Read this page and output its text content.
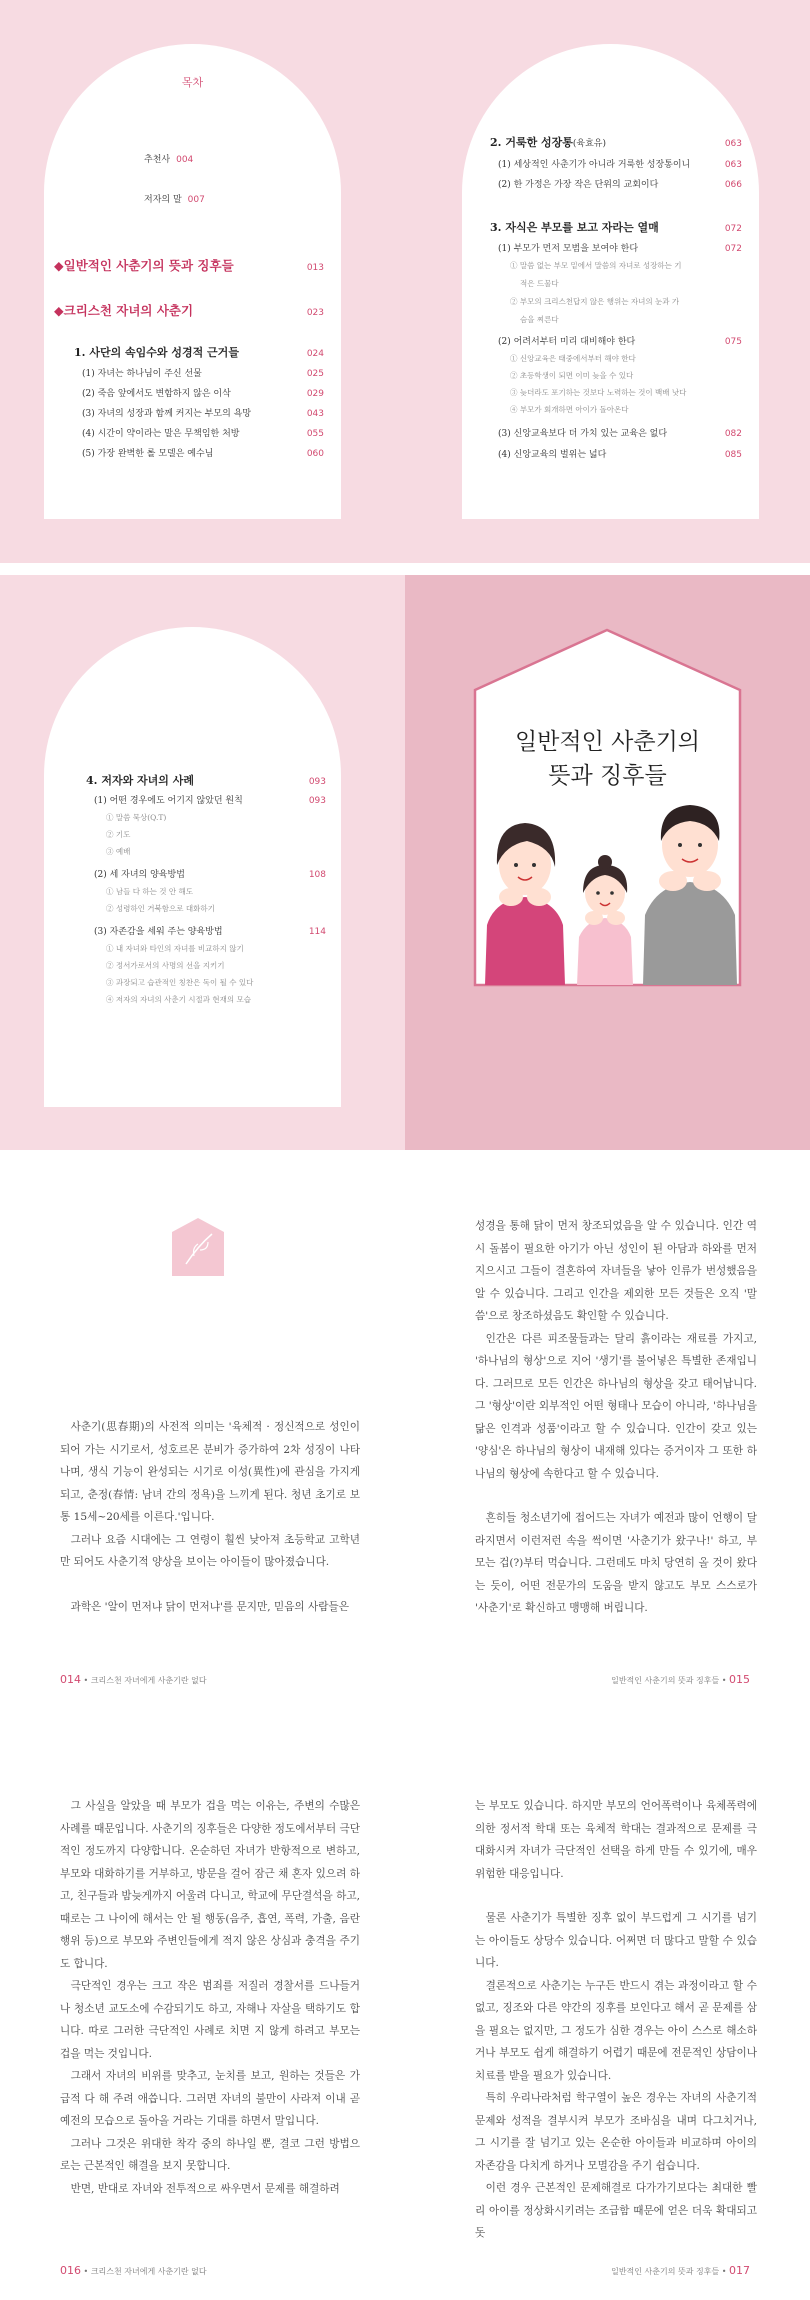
목차
추천사 004
저자의 말 007
◆ 일반적인 사춘기의 뜻과 징후들	013
◆ 크리스천 자녀의 사춘기	023
1. 사단의 속임수와 성경적 근거들	024
(1) 자녀는 하나님이 주신 선물	025
(2) 죽음 앞에서도 변함하지 않은 이삭	029
(3) 자녀의 성장과 함께 커지는 부모의 욕망	043
(4) 시간이 약이라는 말은 무책임한 처방	055
(5) 가장 완벽한 롤 모델은 예수님	060
2. 거룩한 성장통 (육효유)	063
(1) 세상적인 사춘기가 아니라 거룩한 성장통이니	063
(2) 한 가정은 가장 작은 단위의 교회이다	066
3. 자식은 부모를 보고 자라는 열매	072
(1) 부모가 먼저 모범을 보여야 한다	072
① 말씀 없는 부모 밑에서 말씀의 자녀로 성장하는 기
적은 드물다
② 부모의 크리스천답지 않은 행위는 자녀의 눈과 가
슴을 찌른다
(2) 어려서부터 미리 대비해야 한다	075
① 신앙교육은 태중에서부터 해야 한다
② 초등학생이 되면 이미 늦을 수 있다
③ 늦더라도 포기하는 것보다 노력하는 것이 백배 낫다
④ 부모가 회개하면 아이가 돌아온다
(3) 신앙교육보다 더 가치 있는 교육은 없다	082
(4) 신앙교육의 벌위는 넓다	085
4. 저자와 자녀의 사례	093
(1) 어떤 경우에도 어기지 않았던 원칙	093
① 말씀 묵상(Q.T)
② 기도
③ 예배
(2) 세 자녀의 양육방법	108
① 남들 다 하는 것 안 해도
② 성령하인 거북함으로 대화하기
(3) 자존감을 세워 주는 양육방법	114
① 내 자녀와 타인의 자녀를 비교하지 않기
② 정서가로서의 사명의 선을 지키기
③ 과장되고 습관적인 칭찬은 독이 될 수 있다
④ 저자의 자녀의 사춘기 시절과 현재의 모습
일반적인 사춘기의
뜻과 징후들

사춘기(思春期)의 사전적 의미는 '육체적 · 정신적으로 성인이 되어 가는 시기로서, 성호르몬 분비가 증가하여 2차 성징이 나타나며, 생식 기능이 완성되는 시기로 이성(異性)에 관심을 가지게 되고, 춘정(春情: 남녀 간의 정욕)을 느끼게 된다. 청년 초기로 보통 15세~20세를 이른다.'입니다.

그러나 요즘 시대에는 그 연령이 훨씬 낮아져 초등학교 고학년만 되어도 사춘기적 양상을 보이는 아이들이 많아졌습니다.

과학은 '알이 먼저냐 닭이 먼저냐'를 문지만, 믿음의 사람들은

014 • 크리스천 자녀에게 사춘기란 없다

성경을 통해 닭이 먼저 창조되었음을 알 수 있습니다. 인간 역시 돌봄이 필요한 아기가 아닌 성인이 된 아담과 하와를 먼저 지으시고 그들이 결혼하여 자녀들을 낳아 인류가 번성했음을 알 수 있습니다. 그리고 인간을 제외한 모든 것들은 오직 '말씀'으로 창조하셨음도 확인할 수 있습니다.

인간은 다른 피조물들과는 달리 흙이라는 재료를 가지고, '하나님의 형상'으로 지어 '생기'를 불어넣은 특별한 존재입니다. 그러므로 모든 인간은 하나님의 형상을 갖고 태어납니다. 그 '형상'이란 외부적인 어떤 형태나 모습이 아니라, '하나님을 닮은 인격과 성품'이라고 할 수 있습니다. 인간이 갖고 있는 '양심'은 하나님의 형상이 내재해 있다는 증거이자 그 또한 하나님의 형상에 속한다고 할 수 있습니다.

흔히들 청소년기에 접어드는 자녀가 예전과 많이 언행이 달라지면서 이런저런 속을 썩이면 '사춘기가 왔구나!' 하고, 부모는 겁(?)부터 먹습니다. 그런데도 마치 당연히 올 것이 왔다는 듯이, 어떤 전문가의 도움을 받지 않고도 부모 스스로가 '사춘기'로 확신하고 맹맹해 버립니다.

일반적인 사춘기의 뜻과 징후들 • 015

그 사실을 알았을 때 부모가 겁을 먹는 이유는, 주변의 수많은 사례를 때문입니다. 사춘기의 징후들은 다양한 정도에서부터 극단적인 정도까지 다양합니다. 온순하던 자녀가 반항적으로 변하고, 부모와 대화하기를 거부하고, 방문을 걸어 잠근 채 혼자 있으려 하고, 친구들과 밤늦게까지 어울려 다니고, 학교에 무단결석을 하고, 때로는 그 나이에 해서는 안 될 행동(음주, 흡연, 폭력, 가출, 음란 행위 등)으로 부모와 주변인들에게 적지 않은 상심과 충격을 주기도 합니다.

극단적인 경우는 크고 작은 범죄를 저질러 경찰서를 드나들거나 청소년 교도소에 수감되기도 하고, 자해나 자살을 택하기도 합니다. 따로 그러한 극단적인 사례로 치면 지 않게 하려고 부모는 겁을 먹는 것입니다.

그래서 자녀의 비위를 맞추고, 눈치를 보고, 원하는 것들은 가급적 다 해 주려 애씁니다. 그러면 자녀의 불만이 사라져 이내 곧 예전의 모습으로 돌아올 거라는 기대를 하면서 말입니다.

그러나 그것은 위대한 착각 중의 하나일 뿐, 결코 그런 방법으로는 근본적인 해결을 보지 못합니다.

반면, 반대로 자녀와 전투적으로 싸우면서 문제를 해결하려

016 • 크리스천 자녀에게 사춘기란 없다

는 부모도 있습니다. 하지만 부모의 언어폭력이나 육체폭력에 의한 정서적 학대 또는 육체적 학대는 결과적으로 문제를 극대화시켜 자녀가 극단적인 선택을 하게 만들 수 있기에, 매우 위험한 대응입니다.

물론 사춘기가 특별한 징후 없이 부드럽게 그 시기를 넘기는 아이들도 상당수 있습니다. 어쩌면 더 많다고 말할 수 있습니다.

결론적으로 사춘기는 누구든 반드시 겪는 과정이라고 할 수 없고, 징조와 다른 약간의 징후를 보인다고 해서 곧 문제를 삼을 필요는 없지만, 그 정도가 심한 경우는 아이 스스로 해소하거나 부모도 쉽게 해결하기 어렵기 때문에 전문적인 상담이나 치료를 받을 필요가 있습니다.

특히 우리나라처럼 학구열이 높은 경우는 자녀의 사춘기적 문제와 성적을 결부시켜 부모가 조바심을 내며 다그치거나, 그 시기를 잘 넘기고 있는 온순한 아이들과 비교하며 아이의 자존감을 다치게 하거나 모멸감을 주기 쉽습니다.

이런 경우 근본적인 문제해결로 다가가기보다는 최대한 빨리 아이를 정상화시키려는 조급함 때문에 얻은 더욱 확대되고 돗

일반적인 사춘기의 뜻과 징후들 • 017
